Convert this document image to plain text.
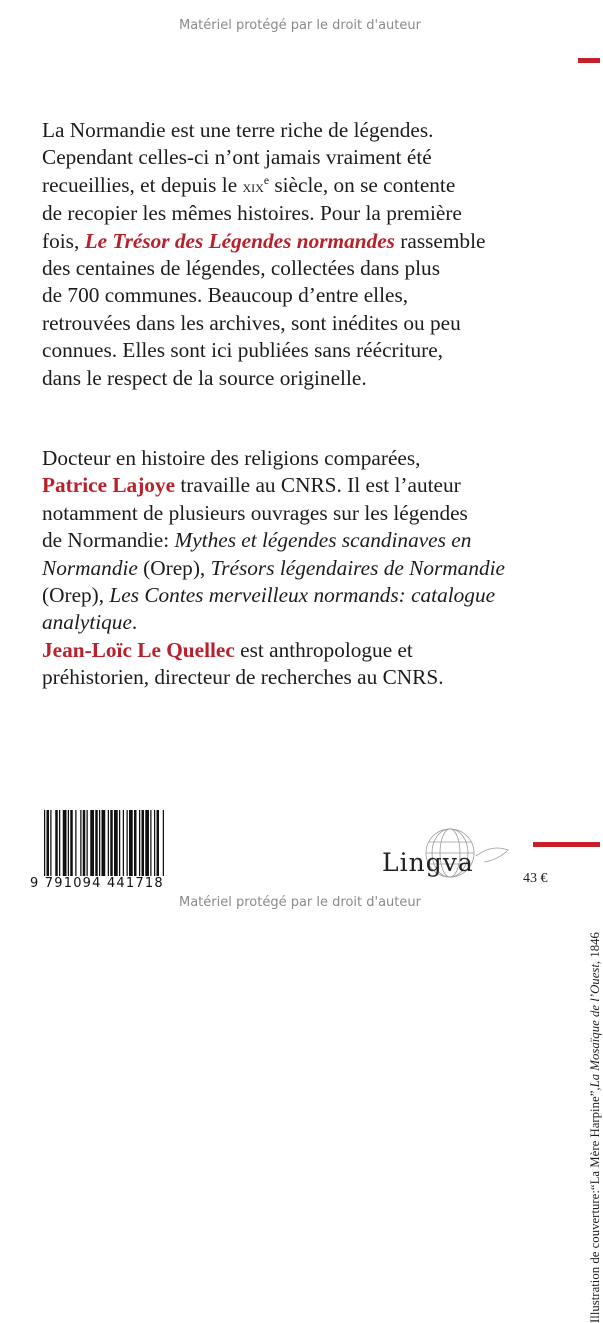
Matériel protégé par le droit d'auteur

La Normandie est une terre riche de légendes.

Cependant celles-ci n’ont jamais vraiment été

recueillies, et depuis le xix$^e$ siècle, on se contente

de recopier les mêmes histoires. Pour la première

fois, Le Trésor des Légendes normandes rassemble

des centaines de légendes, collectées dans plus

de 700 communes. Beaucoup d’entre elles,

retrouvées dans les archives, sont inédites ou peu

connues. Elles sont ici publiées sans réécriture,

dans le respect de la source originelle.

Docteur en histoire des religions comparées,

Patrice Lajoye travaille au CNRS. Il est l’auteur

notamment de plusieurs ouvrages sur les légendes

de Normandie: Mythes et légendes scandinaves en

Normandie (Orep), Trésors légendaires de Normandie

(Orep), Les Contes merveilleux normands: catalogue

analytique.

Jean-Loïc Le Quellec est anthropologue et

préhistorien, directeur de recherches au CNRS.

Illustration de couverture:“La Mère Harpine”,La Mosaïque de l’Ouest, 1846
9 791094 441718
Lingva
43 €
Matériel protégé par le droit d'auteur
